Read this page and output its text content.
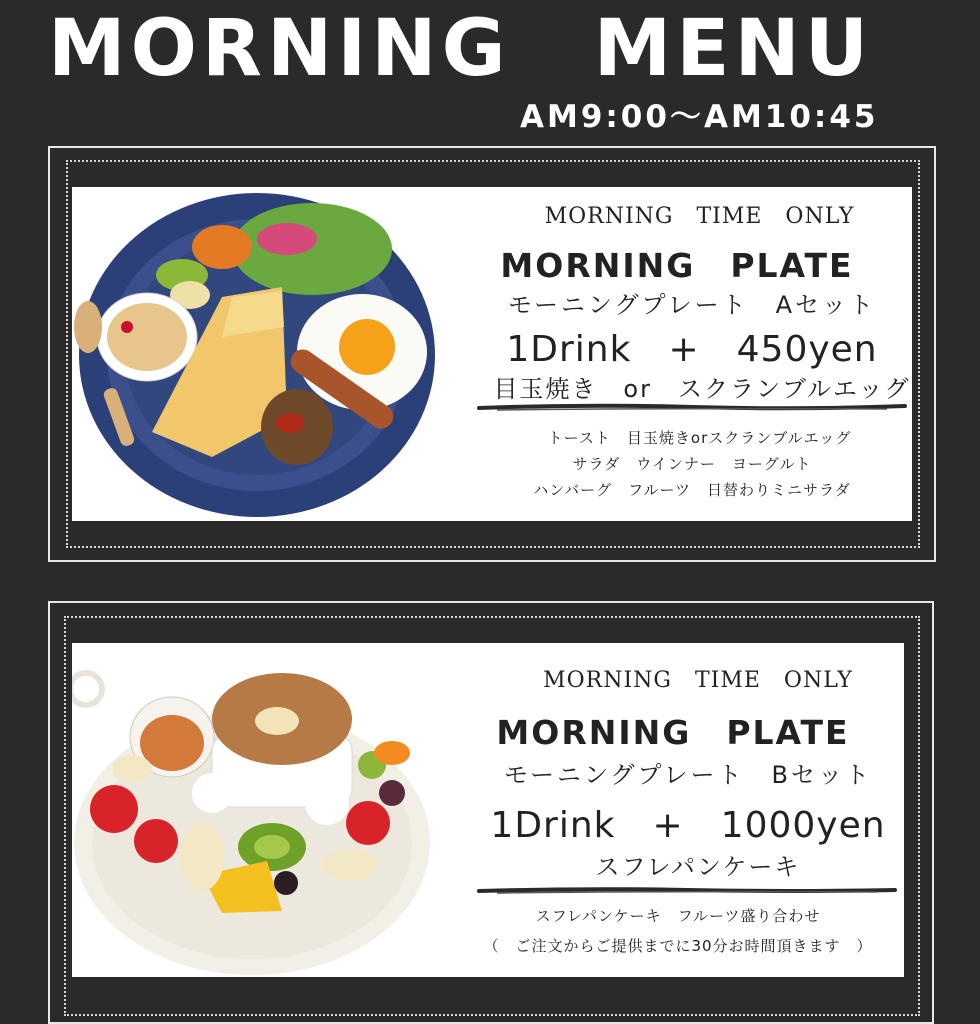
MORNING　MENU
AM9:00～AM10:45
MORNING　TIME　ONLY
MORNING　PLATE
モーニングプレート　Aセット
1Drink　+　450yen
目玉焼き　or　スクランブルエッグ
トースト　目玉焼きorスクランブルエッグ
サラダ　ウインナー　ヨーグルト
ハンバーグ　フルーツ　日替わりミニサラダ
MORNING　TIME　ONLY
MORNING　PLATE
モーニングプレート　Bセット
1Drink　+　1000yen
スフレパンケーキ
スフレパンケーキ　フルーツ盛り合わせ
（　ご注文からご提供までに30分お時間頂きます　）
